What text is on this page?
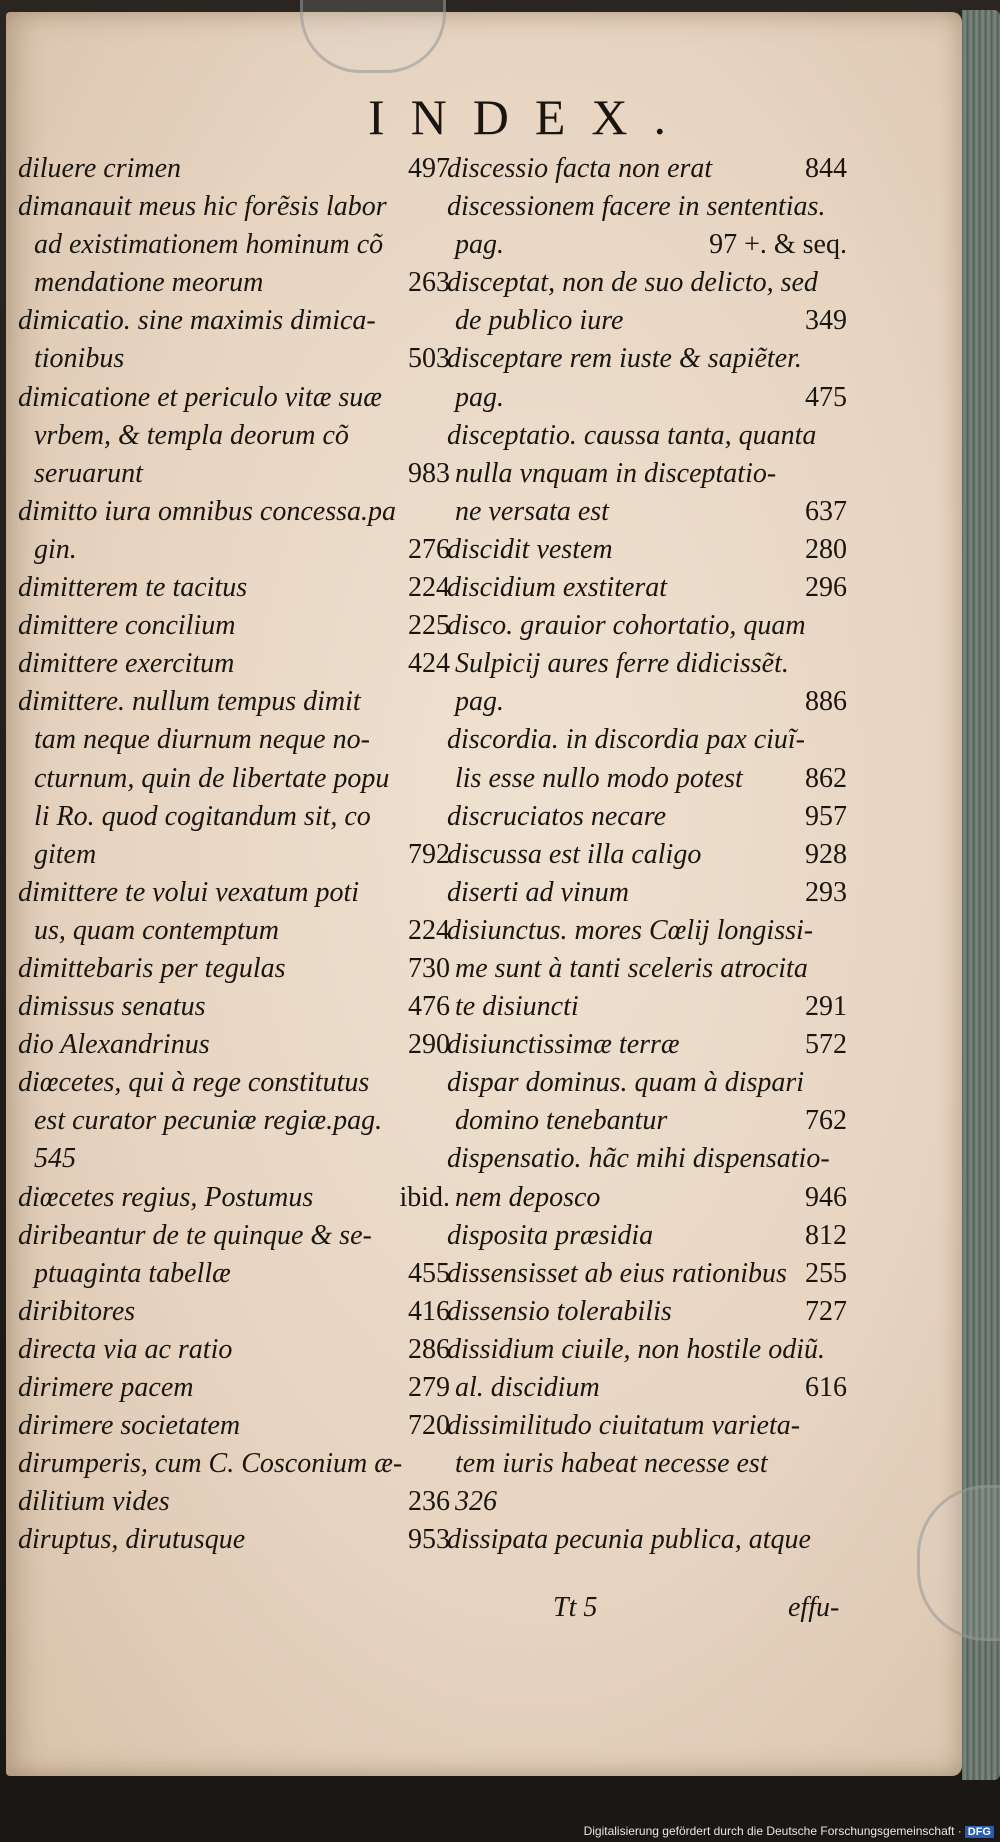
INDEX.
diluere crimen	497
dimanauit meus hic forẽsis labor
ad existimationem hominum cõ
mendatione meorum	263
dimicatio. sine maximis dimica-
tionibus	503
dimicatione et periculo vitæ suæ
vrbem, & templa deorum cõ
seruarunt	983
dimitto iura omnibus concessa.pa
gin.	276
dimitterem te tacitus	224
dimittere concilium	225
dimittere exercitum	424
dimittere. nullum tempus dimit
tam neque diurnum neque no-
cturnum, quin de libertate popu
li Ro. quod cogitandum sit, co
gitem	792
dimittere te volui vexatum poti
us, quam contemptum	224
dimittebaris per tegulas	730
dimissus senatus	476
dio Alexandrinus	290
diœcetes, qui à rege constitutus
est curator pecuniæ regiæ.pag.
545
diœcetes regius, Postumus	ibid.
diribeantur de te quinque & se-
ptuaginta tabellæ	455
diribitores	416
directa via ac ratio	286
dirimere pacem	279
dirimere societatem	720
dirumperis, cum C. Cosconium æ-
dilitium vides	236
diruptus, dirutusque	953
discessio facta non erat	844
discessionem facere in sententias.
pag.	97 +. & seq.
disceptat, non de suo delicto, sed
de publico iure	349
disceptare rem iuste & sapiẽter.
pag.	475
disceptatio. caussa tanta, quanta
nulla vnquam in disceptatio-
ne versata est	637
discidit vestem	280
discidium exstiterat	296
disco. grauior cohortatio, quam
Sulpicij aures ferre didicissẽt.
pag.	886
discordia. in discordia pax ciuĩ-
lis esse nullo modo potest 862
discruciatos necare	957
discussa est illa caligo	928
diserti ad vinum	293
disiunctus. mores Cœlij longissi-
me sunt à tanti sceleris atrocita
te disiuncti	291
disiunctissimæ terræ	572
dispar dominus. quam à dispari
domino tenebantur	762
dispensatio. hãc mihi dispensatio-
nem deposco	946
disposita præsidia	812
dissensisset ab eius rationibus 255
dissensio tolerabilis	727
dissidium ciuile, non hostile odiũ.
al. discidium	616
dissimilitudo ciuitatum varieta-
tem iuris habeat necesse est
326
dissipata pecunia publica, atque
Tt 5	effu-
Digitalisierung gefördert durch die Deutsche Forschungsgemeinschaft · DFG
